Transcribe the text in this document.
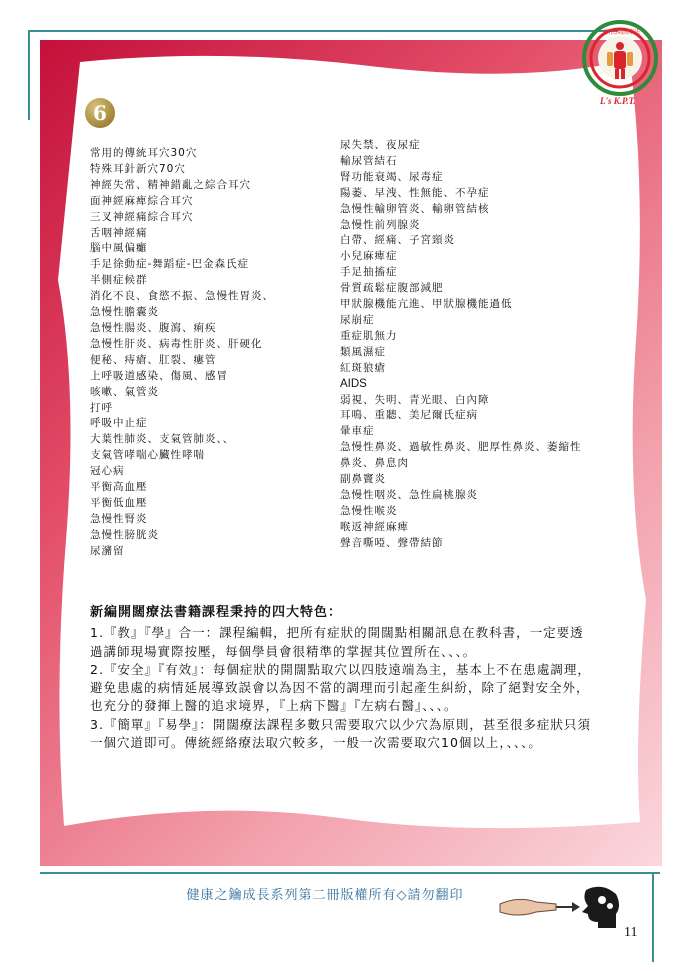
劉氏開闊療法
L's K.P.T.
6
常用的傳統耳穴30穴
特殊耳針新穴70穴
神經失常、精神錯亂之綜合耳穴
面神經麻痺綜合耳穴
三叉神經痛綜合耳穴
舌咽神經痛
腦中風偏癱
手足徐動症-舞蹈症-巴金森氏症
半側症候群
消化不良、食慾不振、急慢性胃炎、
急慢性膽囊炎
急慢性腸炎、腹瀉、痢疾
急慢性肝炎、病毒性肝炎、肝硬化
便秘、痔瘡、肛裂、瘻管
上呼吸道感染、傷風、感冒
咳嗽、氣管炎
打呼
呼吸中止症
大葉性肺炎、支氣管肺炎、、
支氣管哮喘心臟性哮喘
冠心病
平衡高血壓
平衡低血壓
急慢性腎炎
急慢性膀胱炎
尿瀦留
尿失禁、夜尿症
輸尿管結石
腎功能衰竭、尿毒症
陽萎、早洩、性無能、不孕症
急慢性輸卵管炎、輸卵管結核
急慢性前列腺炎
白帶、經痛、子宮頸炎
小兒麻痺症
手足抽搐症
骨質疏鬆症腹部減肥
甲狀腺機能亢進、甲狀腺機能過低
尿崩症
重症肌無力
類風濕症
紅斑狼瘡
AIDS
弱視、失明、青光眼、白內障
耳鳴、重聽、美尼爾氏症病
暈車症
急慢性鼻炎、過敏性鼻炎、肥厚性鼻炎、萎縮性鼻炎、鼻息肉
副鼻竇炎
急慢性咽炎、急性扁桃腺炎
急慢性喉炎
喉返神經麻痺
聲音嘶啞、聲帶結節
新編開闊療法書籍課程秉持的四大特色：

1.『教』『學』合一：課程編輯，把所有症狀的開闊點相關訊息在教科書，一定要透過講師現場實際按壓，每個學員會很精準的掌握其位置所在、、、。

2.『安全』『有效』：每個症狀的開闊點取穴以四肢遠端為主，基本上不在患處調理，避免患處的病情延展導致誤會以為因不當的調理而引起產生糾紛，除了絕對安全外，也充分的發揮上醫的追求境界，『上病下醫』『左病右醫』、、、。

3.『簡單』『易學』：開闊療法課程多數只需要取穴以少穴為原則，甚至很多症狀只須一個穴道即可。傳統經絡療法取穴較多，一般一次需要取穴10個以上，、、、。

健康之鑰成長系列第二冊版權所有◇請勿翻印
11
